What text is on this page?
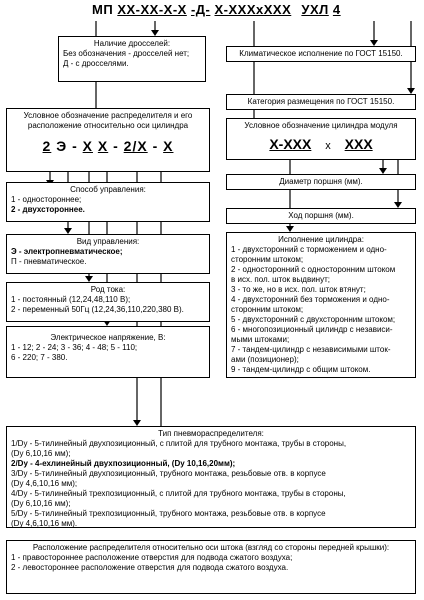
МП XX-XX-X-X -Д- X-XXXxXXX УХЛ 4
Наличие дросселей:
Без обозначения - дросселей нет;
Д - с дросселями.
Климатическое исполнение по ГОСТ 15150.
Категория размещения по ГОСТ 15150.
Условное обозначение распределителя и его
расположение относительно оси цилиндра
2 Э - X X - 2/X - X
Условное обозначение цилиндра модуля
X-XXX x XXX
Способ управления:
1 - одностороннее;
2 - двухстороннее.
Диаметр поршня (мм).
Ход поршня (мм).
Вид управления:
Э - электропневматическое;
П - пневматическое.
Исполнение цилиндра:
1 - двухсторонний с торможением и одно-
сторонним штоком;
2 - односторонний с односторонним штоком
в исх. пол. шток выдвинут;
3 - то же, но в исх. пол. шток втянут;
4 - двухсторонний без торможения и одно-
сторонним штоком;
5 - двухсторонний с двухсторонним штоком;
6 - многопозиционный цилиндр с независи-
мыми штоками;
7 - тандем-цилиндр с независимыми шток-
ами (позиционер);
9 - тандем-цилиндр с общим штоком.
Род тока:
1 - постоянный (12,24,48,110 В);
2 - переменный 50Гц (12,24,36,110,220,380 В).
Электрическое напряжение, В:
1 - 12; 2 - 24; 3 - 36; 4 - 48; 5 - 110;
6 - 220; 7 - 380.
Тип пневмораспределителя:
1/Dy - 5-тилинейный двухпозиционный, с плитой для трубного монтажа, трубы в стороны,
(Dy 6,10,16 мм);
2/Dy - 4-ехлинейный двухпозиционный, (Dy 10,16,20мм);
3/Dy - 5-тилинейный двухпозиционный, трубного монтажа, резьбовые отв. в корпусе
(Dy 4,6,10,16 мм);
4/Dy - 5-тилинейный трехпозиционный, с плитой для трубного монтажа, трубы в стороны,
(Dy 6,10,16 мм);
5/Dy - 5-тилинейный трехпозиционный, трубного монтажа, резьбовые отв. в корпусе
(Dy 4,6,10,16 мм).
Расположение распределителя относительно оси штока (взгляд со стороны передней крышки):
1 - правостороннее расположение отверстия для подвода сжатого воздуха;
2 - левостороннее расположение отверстия для подвода сжатого воздуха.
